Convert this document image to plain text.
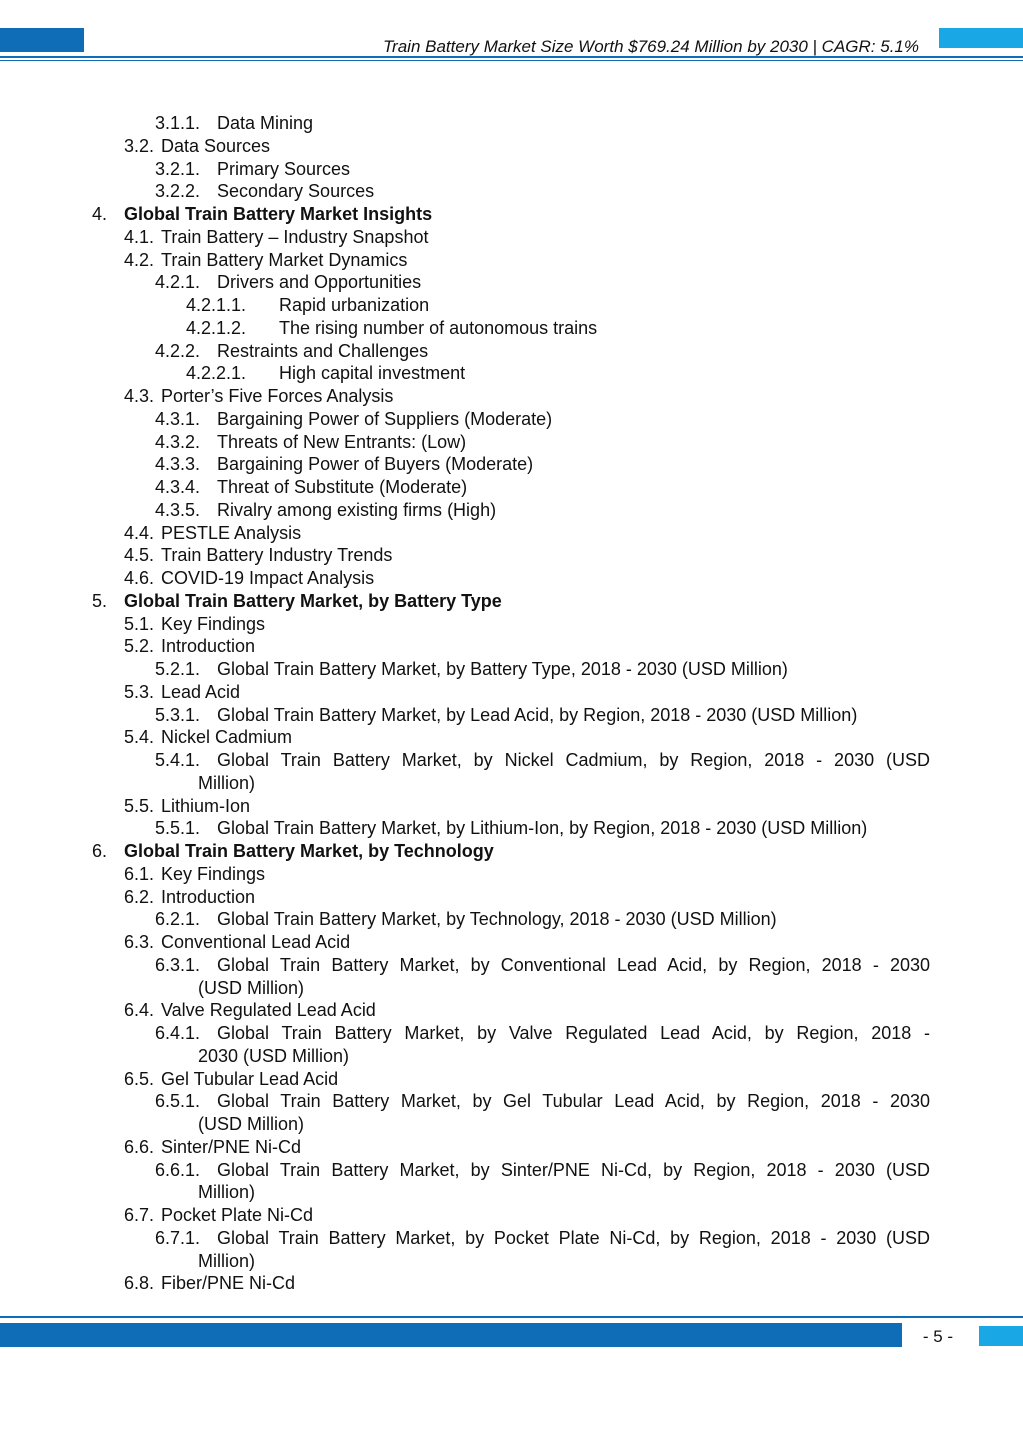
Train Battery Market Size Worth $769.24 Million by 2030 | CAGR: 5.1%
3.1.1. Data Mining
3.2. Data Sources
3.2.1. Primary Sources
3.2.2. Secondary Sources
4. Global Train Battery Market Insights
4.1. Train Battery – Industry Snapshot
4.2. Train Battery Market Dynamics
4.2.1. Drivers and Opportunities
4.2.1.1. Rapid urbanization
4.2.1.2. The rising number of autonomous trains
4.2.2. Restraints and Challenges
4.2.2.1. High capital investment
4.3. Porter’s Five Forces Analysis
4.3.1. Bargaining Power of Suppliers (Moderate)
4.3.2. Threats of New Entrants: (Low)
4.3.3. Bargaining Power of Buyers (Moderate)
4.3.4. Threat of Substitute (Moderate)
4.3.5. Rivalry among existing firms (High)
4.4. PESTLE Analysis
4.5. Train Battery Industry Trends
4.6. COVID-19 Impact Analysis
5. Global Train Battery Market, by Battery Type
5.1. Key Findings
5.2. Introduction
5.2.1. Global Train Battery Market, by Battery Type, 2018 - 2030 (USD Million)
5.3. Lead Acid
5.3.1. Global Train Battery Market, by Lead Acid, by Region, 2018 - 2030 (USD Million)
5.4. Nickel Cadmium
5.4.1. Global Train Battery Market, by Nickel Cadmium, by Region, 2018 - 2030 (USD
Million)
5.5. Lithium-Ion
5.5.1. Global Train Battery Market, by Lithium-Ion, by Region, 2018 - 2030 (USD Million)
6. Global Train Battery Market, by Technology
6.1. Key Findings
6.2. Introduction
6.2.1. Global Train Battery Market, by Technology, 2018 - 2030 (USD Million)
6.3. Conventional Lead Acid
6.3.1. Global Train Battery Market, by Conventional Lead Acid, by Region, 2018 - 2030
(USD Million)
6.4. Valve Regulated Lead Acid
6.4.1. Global Train Battery Market, by Valve Regulated Lead Acid, by Region, 2018 -
2030 (USD Million)
6.5. Gel Tubular Lead Acid
6.5.1. Global Train Battery Market, by Gel Tubular Lead Acid, by Region, 2018 - 2030
(USD Million)
6.6. Sinter/PNE Ni-Cd
6.6.1. Global Train Battery Market, by Sinter/PNE Ni-Cd, by Region, 2018 - 2030 (USD
Million)
6.7. Pocket Plate Ni-Cd
6.7.1. Global Train Battery Market, by Pocket Plate Ni-Cd, by Region, 2018 - 2030 (USD
Million)
6.8. Fiber/PNE Ni-Cd
- 5 -
